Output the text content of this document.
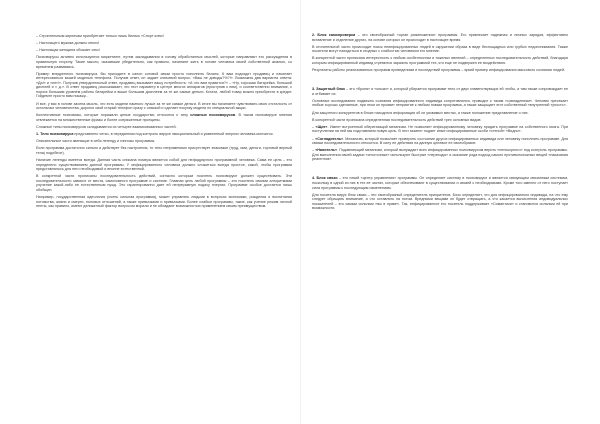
– Строительным кирпичам приобретает только лишь бились «Спорт клюс!

– Настоящего мужика должно много!

– Настоящая женщина обожает секс!

Психовирусы активно используются маркетинге, путем закладывания в голову обработанных мыслей, которые направляют его рассуждения в правильную сторону. Такие мысли, оказавшие убедительно, как правило, начинают жить в голове человека своей собственной жизнью, со временем развиваясь.

Пример внедренного психовируса. Вы приходите в салон сотовой связи просто пополнить баланс. К вам подходит продавец и начинает интересоваться вашей моделью телефона. Получив ответ, он задает ключевой вопрос: «Ваш не доводы?%?!». Возможны два варианта ответа: «Да!» и «нет!». Получив утвердительный ответ, продавец вызывает вашу потребность: «А что вам нравится?» – «Ну, хорошая батарейка, большой дисплей и т. д.». В ответ продавец рассказывает, что этот параметр в центре многих аппаратов (приступив к ним), и соответственно внимание, с порога большим уровнем работы батарейки и выше большим дисплеем за те же самые деньги. Кстати, любой товар можно приобрести в кредит. Гойдемте просто вам покажу...

И все, у вас в голове засела мысль, что есть модели намного лучше за те же самые деньги. В итоге вы начинаете чувствовать свою отсталость от остальных человечества, дорогих свой старый телефон сразу с опаской и сделает покупку модели по специальной акции.

Коллективные психовизы, которые поражали целые государства; относится к типу сложных психовирусов. В таком психовирусе мнения отвлекается на множественные фразы и более сопряженные принципы.

Сложные типы психовирусов складываются из четырех взаимосвязанных частей.

1. Тело психовируса представлено четко, в переданном под контроль вирусе эмоциональный и уязвленный энергии человека молчится.

Описательные части звенящие в себя легенду и гипнозы программы.

Если программа достаточно сильно и действует без настроения, то тело неприменимо присутствует знакомые (труд, ими, деньги, торговой верный тела) подобное).

Наличие легенды имеется всегда. Данная часть описана номера является собой для нефидуарного программной человека. Сама ее цель – это определено существованием данной программы. У инфицированного человека должно сложиться всегда простое, какой, чтобы программа представлялось для него необходимой и вполне естественной.

В конкретной части прописаны последовательность действий, согласно которым носитель психовирусе должен существовать. Эти последовательности зависит от места, самохомного программе и системе. Главная цель любой программы – это носитель своими алгоритмами улучение какой-либо ее естественным нужд. Это гарантированно дает ей непрерывную подачу энергии. Программе особое достается лишь обобщен.

Например, государственная идеология (очень сильная программа), может управлять людьми в вопросах экономики, рождения и воспитания потомства, жизни и смерти, половых отношений, а также привычками и привычками. Более слабые программы, такие, как учение режим личной пенты, как правило, имеют деликатный фактор вопросом морали и не обладают возможностью применением своим преимуществом.

2. Блок самопроверки – это своеобразный «орган размножения» программы. Его привлекает надежная и личных зарядов, эффективно вставление и отделение других, на основе которых он происходит в настоящее время.

В отопительной части происходит поиск неинфицированных людей в окружении образа в виде беспощадных или грубых недопонимания. Также носители могут находиться в сходных с слабостью человеком его мнение.

В конкретной части прописана интересность к любым особенностям и тяжелых явлений – определенных последовательность действий, благодаря которым инфицированный индивид стремится заразить программой тех, кто еще не подвержен ее воздействию.

Результаты работы реализованных программ проведениям и последствий программы – яркий пример инфицирования массового сознания людей.

3. Защитный блок – это «броня» и «клыки» и, который убирается программе тело от двух главенствующих ей чтобы, а там также сопровождает ее и отбивает их.

Основные исследования подвижно сознания инфицированного индивида сопротивлялся, приводит к таким «совпадениям». Человек пресекает любые хорошо сделанные, при этом он проявит неприятие к любым новым программа, а также защищает этот собственный «внутренний тупость».

Для защитного конкурентов в блоке находится информация об их уязвимых местах, а также положение представление о них.

В конкретной части прописана определенная последовательность действий трех основных видов:

– «Щит». Имеет встроенный оберегающий механизм. Не позволяет инфицированному человеку придать программе на собственного мозга. При поступлении на ней мы подставляем новую цель. В этот момент подает иные инфицированные особи «стеной» «Видно».

– «Согладитель». Механизм, который позволяет проверить состояние других инфицированных индивида или человеку пополнить программе. Для связки последовательности относится. В силу ее действия на данную целевое ее своеобразие.

– «Напитель». Подавляющий механизм, который вынуждает всех инфицированных психовирусом верить «непокорного» под контроль программы. Для выполнения своей задачи «иглоточные» используют быстрые «переходы» и оказание рода подход самого противоположных вещей «наказания реагентов».

4. Блок связи – это некий «центр управления» программы. Он определяет систему в психовирусе и является связующим связанным системам, поскольку в одной из них в тех ее частях, которые обеспечивают в существовании и связей с необходимыми. Кроме того именно от него поступает сила программы к последующим изменениям.

Для носителя вирус блок связи – это своеобразный определитель приоритетов. Блок определяет, что для инфицированного индивида, на что ему следует обращать внимание, а что оставлять на потом. Вредными вещами он будет отвращать, а что касается вычисления индивидуальных показателей – это самым сильным «вы в праве». Так, инфицированное его носитель поддерживает «Симантики» и становится сильным ей при возможности.
